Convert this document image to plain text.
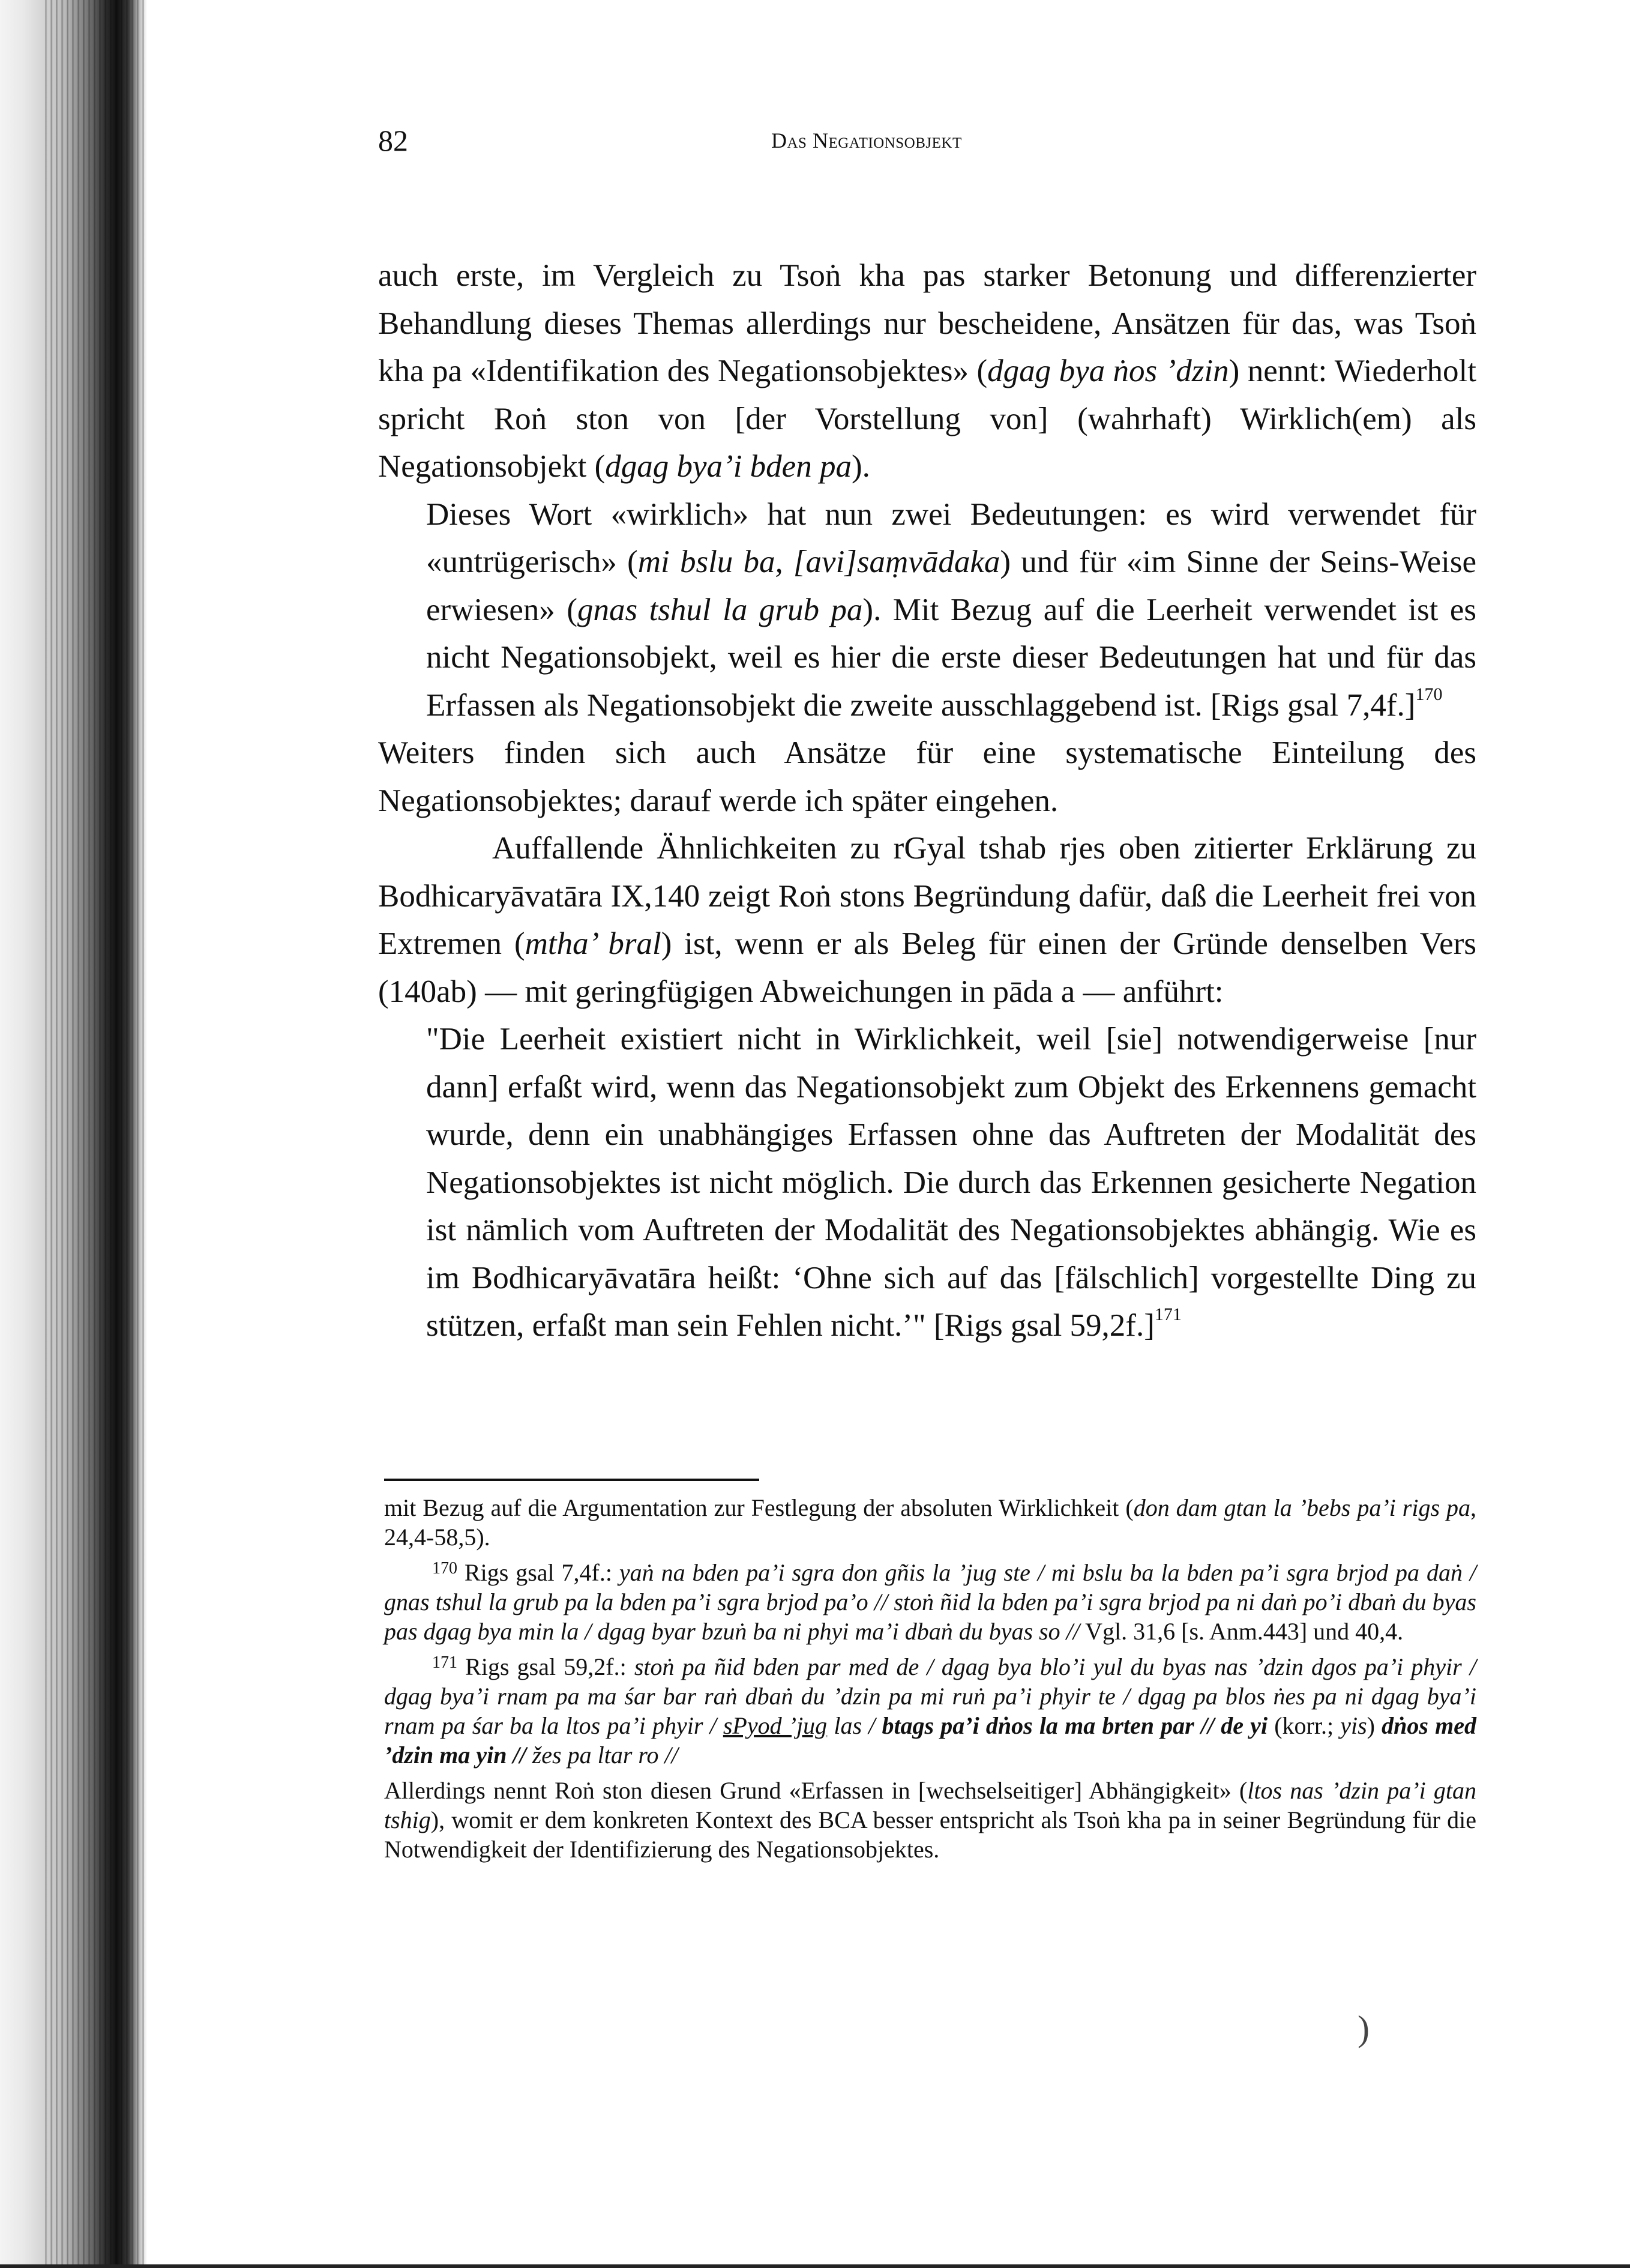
82	Das Negationsobjekt

auch erste, im Vergleich zu Tsoṅ kha pas starker Betonung und differenzierter Behandlung dieses Themas allerdings nur bescheidene, Ansätzen für das, was Tsoṅ kha pa «Identifikation des Negationsobjektes» (dgag bya ṅos ’dzin) nennt: Wiederholt spricht Roṅ ston von [der Vorstellung von] (wahrhaft) Wirklich(em) als Negationsobjekt (dgag bya’i bden pa).

Dieses Wort «wirklich» hat nun zwei Bedeutungen: es wird verwendet für «untrügerisch» (mi bslu ba, [avi]saṃvādaka) und für «im Sinne der Seins-Weise erwiesen» (gnas tshul la grub pa). Mit Bezug auf die Leerheit verwendet ist es nicht Negationsobjekt, weil es hier die erste dieser Bedeutungen hat und für das Erfassen als Negationsobjekt die zweite ausschlaggebend ist. [Rigs gsal 7,4f.]$^{170}$

Weiters finden sich auch Ansätze für eine systematische Einteilung des Negationsobjektes; darauf werde ich später eingehen.

Auffallende Ähnlichkeiten zu rGyal tshab rjes oben zitierter Erklärung zu Bodhicaryāvatāra IX,140 zeigt Roṅ stons Begründung dafür, daß die Leerheit frei von Extremen (mtha’ bral) ist, wenn er als Beleg für einen der Gründe denselben Vers (140ab) — mit geringfügigen Abweichungen in pāda a — anführt:

"Die Leerheit existiert nicht in Wirklichkeit, weil [sie] notwendigerweise [nur dann] erfaßt wird, wenn das Negationsobjekt zum Objekt des Erkennens gemacht wurde, denn ein unabhängiges Erfassen ohne das Auftreten der Modalität des Negationsobjektes ist nicht möglich. Die durch das Erkennen gesicherte Negation ist nämlich vom Auftreten der Modalität des Negationsobjektes abhängig. Wie es im Bodhicaryāvatāra heißt: ‘Ohne sich auf das [fälschlich] vorgestellte Ding zu stützen, erfaßt man sein Fehlen nicht.’" [Rigs gsal 59,2f.]$^{171}$

mit Bezug auf die Argumentation zur Festlegung der absoluten Wirklichkeit (don dam gtan la ’bebs pa’i rigs pa, 24,4-58,5).

$^{170}$ Rigs gsal 7,4f.: yaṅ na bden pa’i sgra don gñis la ’jug ste / mi bslu ba la bden pa’i sgra brjod pa daṅ / gnas tshul la grub pa la bden pa’i sgra brjod pa’o // stoṅ ñid la bden pa’i sgra brjod pa ni daṅ po’i dbaṅ du byas pas dgag bya min la / dgag byar bzuṅ ba ni phyi ma’i dbaṅ du byas so // Vgl. 31,6 [s. Anm.443] und 40,4.

$^{171}$ Rigs gsal 59,2f.: stoṅ pa ñid bden par med de / dgag bya blo’i yul du byas nas ’dzin dgos pa’i phyir / dgag bya’i rnam pa ma śar bar raṅ dbaṅ du ’dzin pa mi ruṅ pa’i phyir te / dgag pa blos ṅes pa ni dgag bya’i rnam pa śar ba la ltos pa’i phyir / sPyod ’jug las / btags pa’i dṅos la ma brten par // de yi (korr.; yis) dṅos med ’dzin ma yin // žes pa ltar ro //

Allerdings nennt Roṅ ston diesen Grund «Erfassen in [wechselseitiger] Abhängigkeit» (ltos nas ’dzin pa’i gtan tshig), womit er dem konkreten Kontext des BCA besser entspricht als Tsoṅ kha pa in seiner Begründung für die Notwendigkeit der Identifizierung des Negationsobjektes.

)
